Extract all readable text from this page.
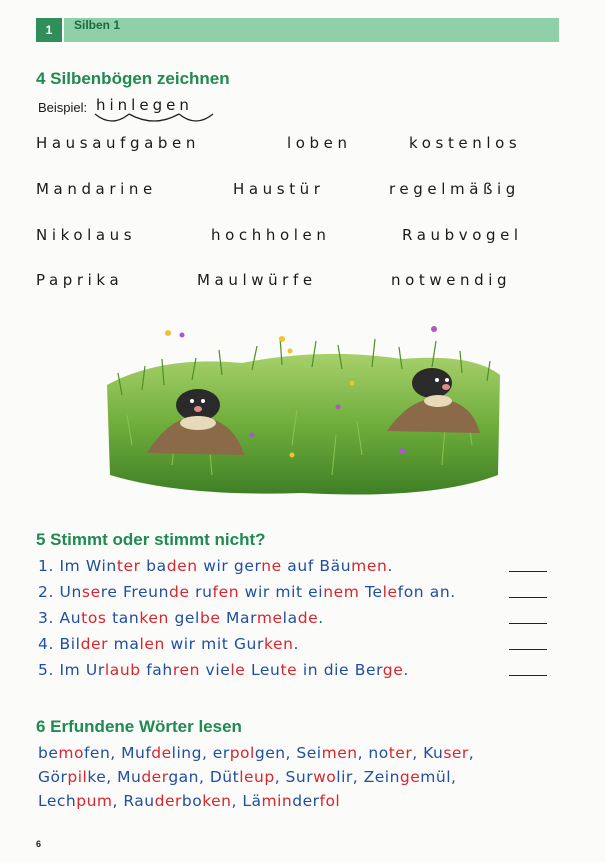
1	Silben 1
4 Silbenbögen zeichnen
Beispiel: hinlegen
Hausaufgaben	loben	kostenlos
Mandarine	Haustür	regelmäßig
Nikolaus	hochholen	Raubvogel
Paprika	Maulwürfe	notwendig
5 Stimmt oder stimmt nicht?
1. Im Winter baden wir gerne auf Bäumen.
2. Unsere Freunde rufen wir mit einem Telefon an.
3. Autos tanken gelbe Marmelade.
4. Bilder malen wir mit Gurken.
5. Im Urlaub fahren viele Leute in die Berge.
6 Erfundene Wörter lesen
bemofen, Mufdeling, erpolgen, Seimen, noter, Kuser,
Görpilke, Mudergan, Dütleup, Surwolir, Zeingemül,
Lechpum, Rauderboken, Läminderfol
6
